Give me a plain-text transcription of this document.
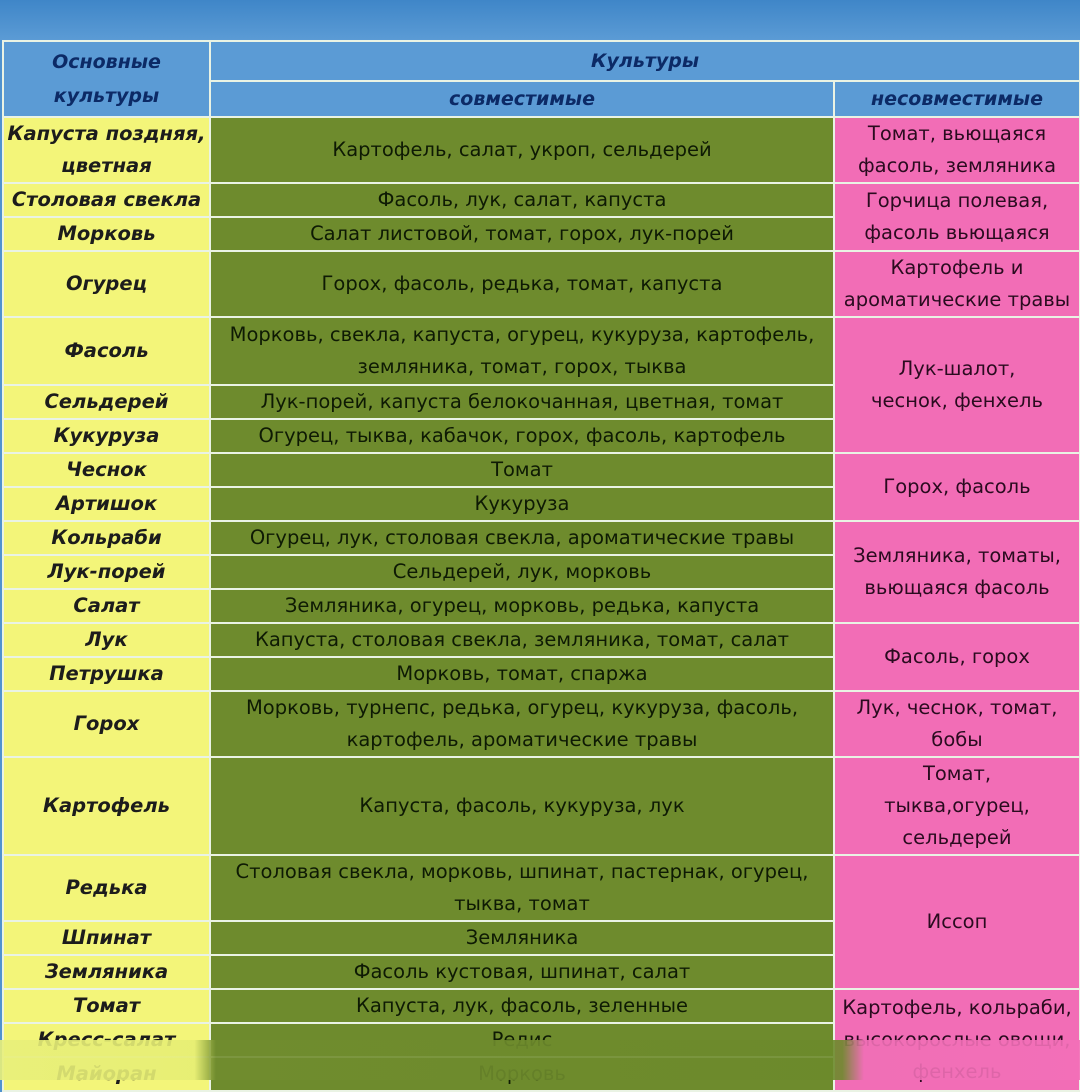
Основные культуры	Культуры	
	совместимые	несовместимые
Капуста поздняя, цветная	Картофель, салат, укроп, сельдерей	Томат, вьющаяся фасоль, земляника
Столовая свекла	Фасоль, лук, салат, капуста	Горчица полевая, фасоль вьющаяся
Морковь	Салат листовой, томат, горох, лук-порей	
Огурец	Горох, фасоль, редька, томат, капуста	Картофель и ароматические травы
Фасоль	Морковь, свекла, капуста, огурец, кукуруза, картофель, земляника, томат, горох, тыква	Лук-шалот, чеснок, фенхель
Сельдерей	Лук-порей, капуста белокочанная, цветная, томат	
Кукуруза	Огурец, тыква, кабачок, горох, фасоль, картофель	
Чеснок	Томат	Горох, фасоль
Артишок	Кукуруза	
Кольраби	Огурец, лук, столовая свекла, ароматические травы	Земляника, томаты, вьющаяся фасоль
Лук-порей	Сельдерей, лук, морковь	
Салат	Земляника, огурец, морковь, редька, капуста	
Лук	Капуста, столовая свекла, земляника, томат, салат	Фасоль, горох
Петрушка	Морковь, томат, спаржа	
Горох	Морковь, турнепс, редька, огурец, кукуруза, фасоль, картофель, ароматические травы	Лук, чеснок, томат, бобы
Картофель	Капуста, фасоль, кукуруза, лук	Томат, тыква,огурец, сельдерей
Редька	Столовая свекла, морковь, шпинат, пастернак, огурец, тыква, томат	Иссоп
Шпинат	Земляника	
Земляника	Фасоль кустовая, шпинат, салат	
Томат	Капуста, лук, фасоль, зеленные	Картофель, кольраби,
